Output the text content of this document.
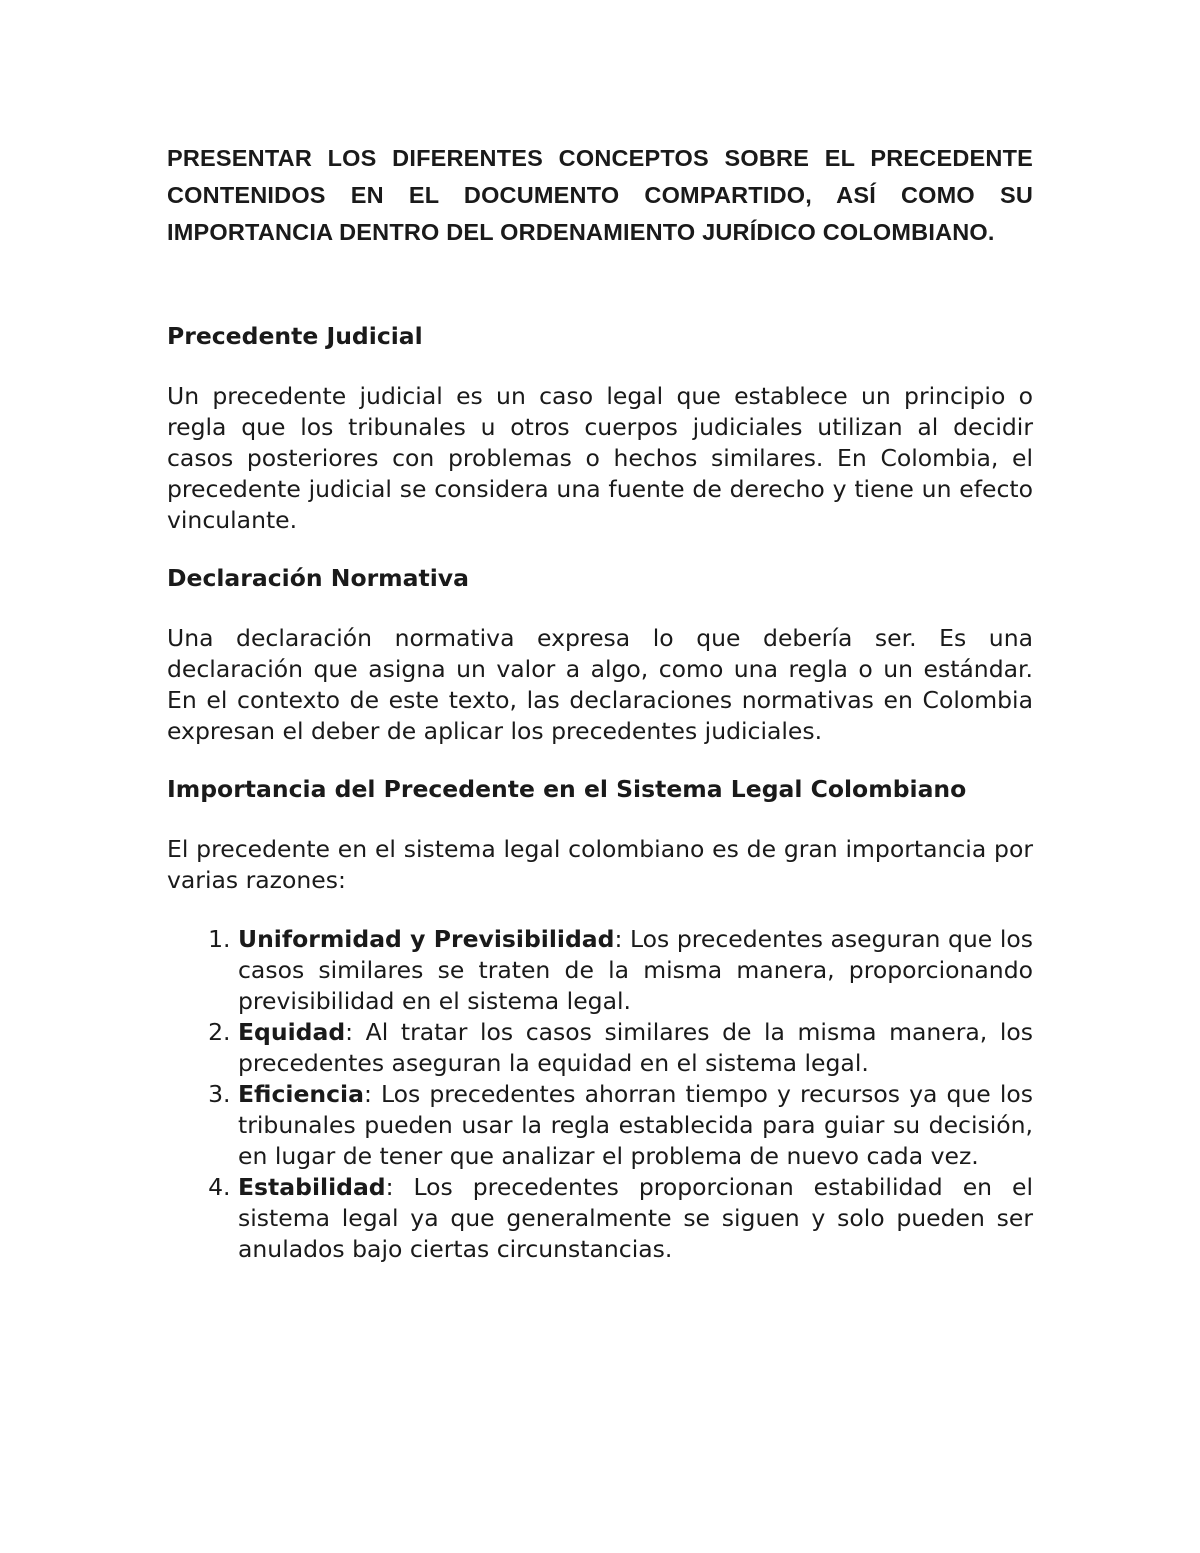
PRESENTAR LOS DIFERENTES CONCEPTOS SOBRE EL PRECEDENTE CONTENIDOS EN EL DOCUMENTO COMPARTIDO, ASÍ COMO SU IMPORTANCIA DENTRO DEL ORDENAMIENTO JURÍDICO COLOMBIANO.

Precedente Judicial

Un precedente judicial es un caso legal que establece un principio o regla que los tribunales u otros cuerpos judiciales utilizan al decidir casos posteriores con problemas o hechos similares. En Colombia, el precedente judicial se considera una fuente de derecho y tiene un efecto vinculante.

Declaración Normativa

Una declaración normativa expresa lo que debería ser. Es una declaración que asigna un valor a algo, como una regla o un estándar. En el contexto de este texto, las declaraciones normativas en Colombia expresan el deber de aplicar los precedentes judiciales.

Importancia del Precedente en el Sistema Legal Colombiano

El precedente en el sistema legal colombiano es de gran importancia por varias razones:

1. Uniformidad y Previsibilidad: Los precedentes aseguran que los casos similares se traten de la misma manera, proporcionando previsibilidad en el sistema legal.
2. Equidad: Al tratar los casos similares de la misma manera, los precedentes aseguran la equidad en el sistema legal.
3. Eficiencia: Los precedentes ahorran tiempo y recursos ya que los tribunales pueden usar la regla establecida para guiar su decisión, en lugar de tener que analizar el problema de nuevo cada vez.
4. Estabilidad: Los precedentes proporcionan estabilidad en el sistema legal ya que generalmente se siguen y solo pueden ser anulados bajo ciertas circunstancias.
